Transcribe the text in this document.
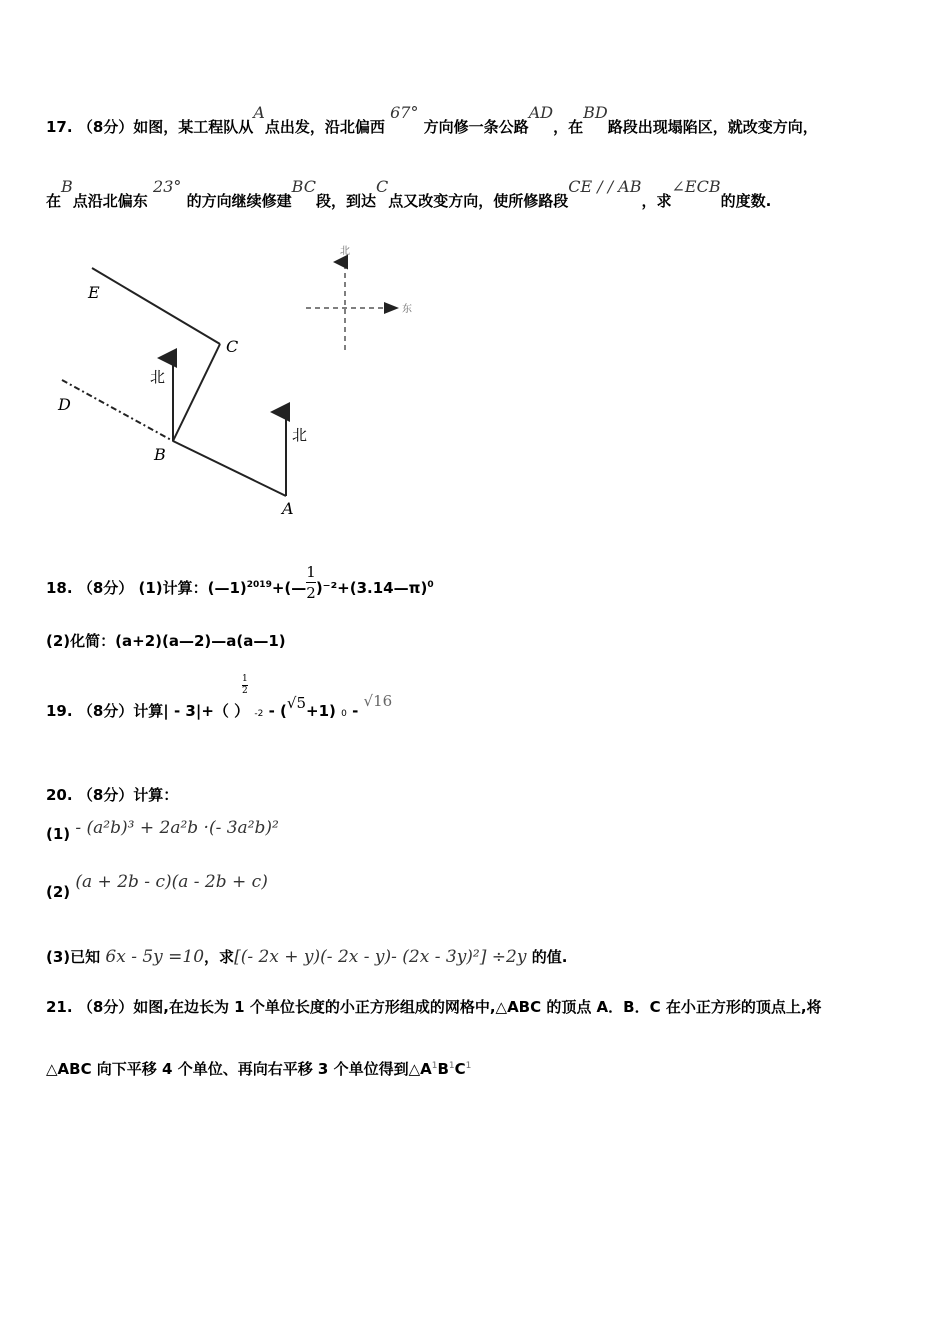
17. （8分）如图，某工程队从A点出发，沿北偏西 67° 方向修一条公路AD，在BD路段出现塌陷区，就改变方向，
在B点沿北偏东 23° 的方向继续修建BC段，到达C点又改变方向，使所修路段CE / / AB，求∠ECB的度数.
E
C
D
B
A
北
北
北
东
18. （8分） (1)计算：(—1)$^{2019}$+(— $\frac{1}{2}$ )⁻²+(3.14—π)$^0$
(2)化简：(a+2)(a—2)—a(a—1)
19. （8分）计算| - 3|+（ ）
$\frac{1}{2}$
-2 - (√5+1) 0 - √16
20. （8分）计算：
(1) - (a²b)³ + 2a²b ·(- 3a²b)²
(2) (a + 2b - c)(a - 2b + c)
(3)已知 6x - 5y =10，求[(- 2x + y)(- 2x - y)- (2x - 3y)²] ÷2y 的值.
21. （8分）如图,在边长为 1 个单位长度的小正方形组成的网格中,△ABC 的顶点 A．B．C 在小正方形的顶点上,将
△ABC 向下平移 4 个单位、再向右平移 3 个单位得到$\triangle A^1B^1C^1$
